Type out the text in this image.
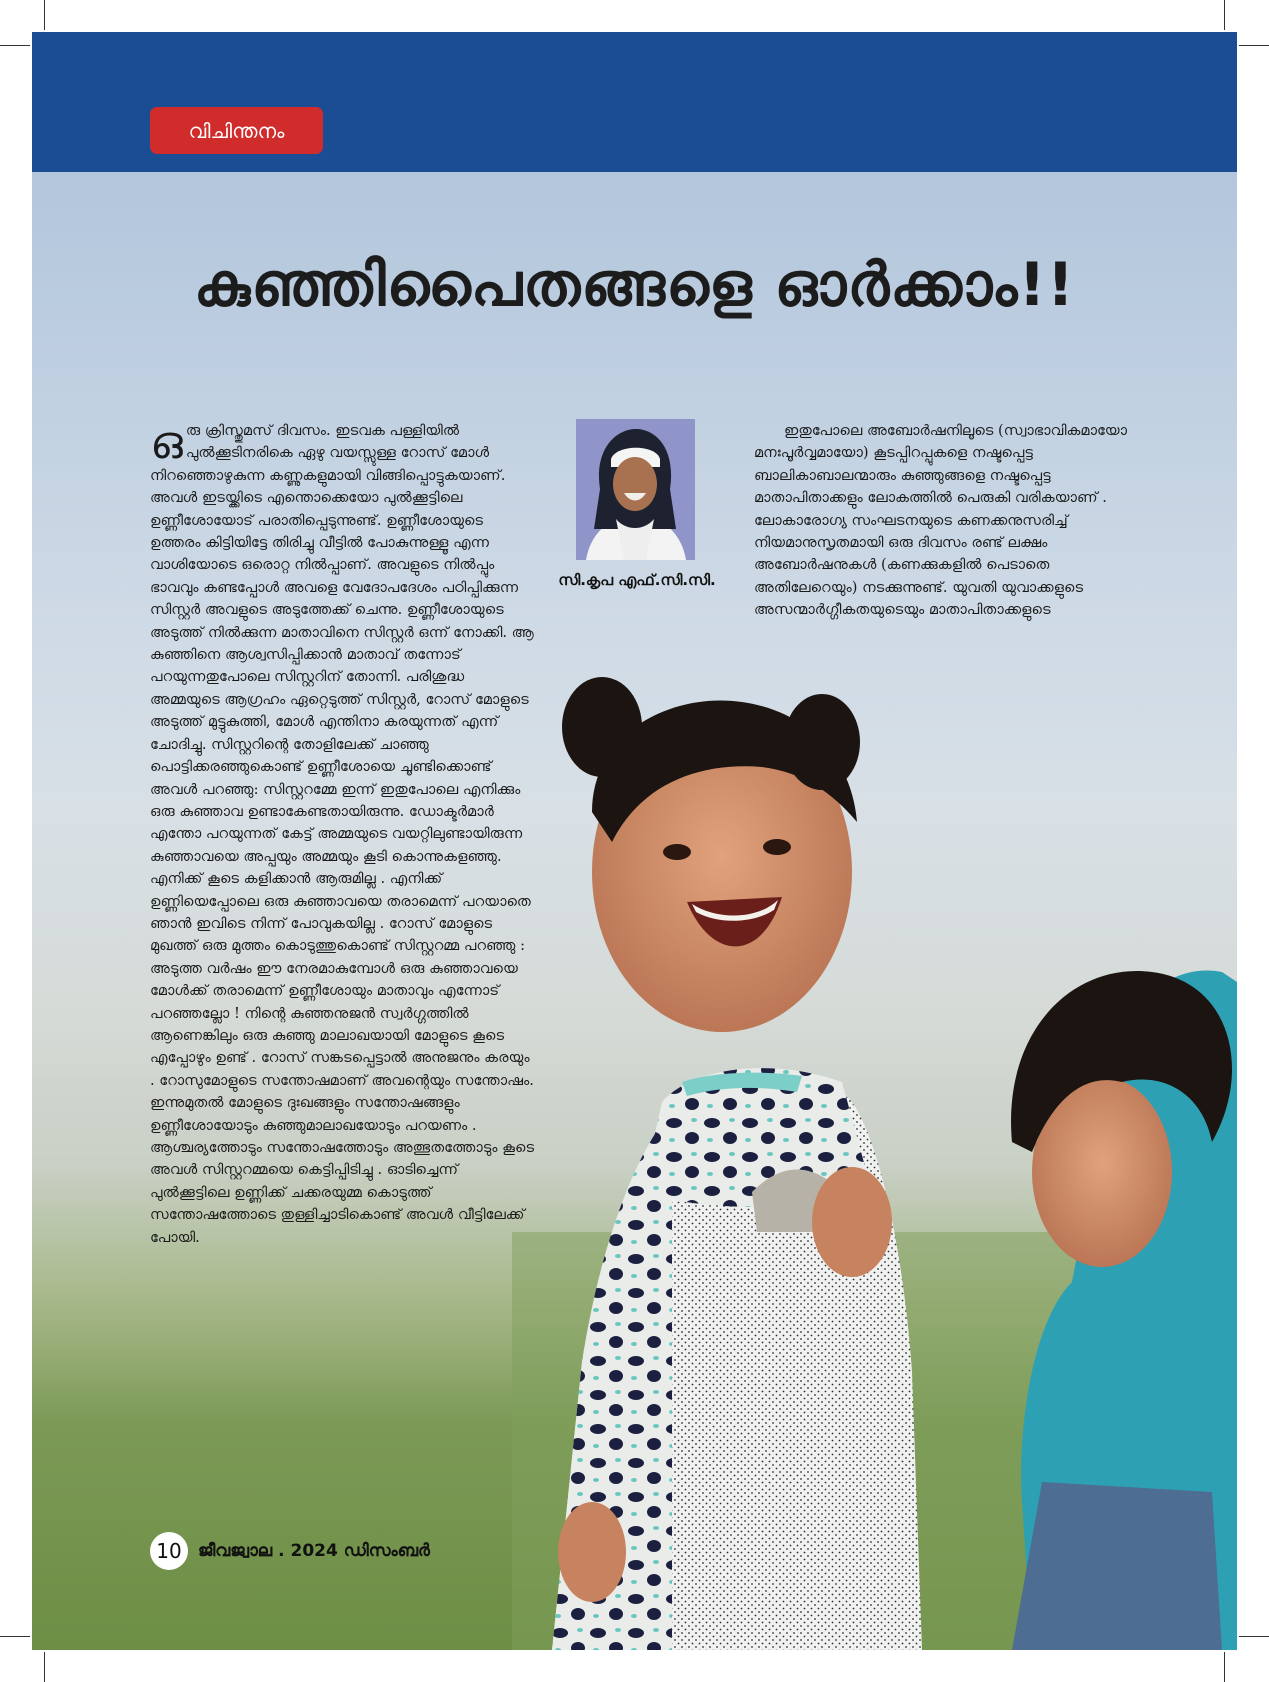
വിചിന്തനം
കുഞ്ഞിപൈതങ്ങളെ ഓർക്കാം!!
ഒരു ക്രിസ്തുമസ് ദിവസം. ഇടവക പള്ളിയിൽ പുൽക്കൂടിനരികെ ഏഴു വയസ്സുള്ള റോസ് മോൾ നിറഞ്ഞൊഴുകുന്ന കണ്ണുകളുമായി വിങ്ങിപ്പൊട്ടുകയാണ്. അവൾ ഇടയ്ക്കിടെ എന്തൊക്കെയോ പുൽക്കൂട്ടിലെ ഉണ്ണീശോയോട് പരാതിപ്പെടുന്നുണ്ട്. ഉണ്ണീശോയുടെ ഉത്തരം കിട്ടിയിട്ടേ തിരിച്ചു വീട്ടിൽ പോകുന്നുള്ളൂ എന്ന വാശിയോടെ ഒരൊറ്റ നിൽപ്പാണ്. അവളുടെ നിൽപ്പും ഭാവവും കണ്ടപ്പോൾ അവളെ വേദോപദേശം പഠിപ്പിക്കുന്ന സിസ്റ്റർ അവളുടെ അടുത്തേക്ക് ചെന്നു. ഉണ്ണീശോയുടെ അടുത്ത് നിൽക്കുന്ന മാതാവിനെ സിസ്റ്റർ ഒന്ന് നോക്കി. ആ കുഞ്ഞിനെ ആശ്വസിപ്പിക്കാൻ മാതാവ് തന്നോട് പറയുന്നതുപോലെ സിസ്റ്ററിന് തോന്നി. പരിശുദ്ധ അമ്മയുടെ ആഗ്രഹം ഏറ്റെടുത്ത് സിസ്റ്റർ, റോസ് മോളുടെ അടുത്ത് മുട്ടുകുത്തി, മോൾ എന്തിനാ കരയുന്നത് എന്ന് ചോദിച്ചു. സിസ്റ്ററിന്റെ തോളിലേക്ക് ചാഞ്ഞു പൊട്ടിക്കരഞ്ഞുകൊണ്ട് ഉണ്ണീശോയെ ചൂണ്ടിക്കൊണ്ട് അവൾ പറഞ്ഞു: സിസ്റ്ററമ്മേ ഇന്ന് ഇതുപോലെ എനിക്കും ഒരു കുഞ്ഞാവ ഉണ്ടാകേണ്ടതായിരുന്നു. ഡോക്ടർമാർ എന്തോ പറയുന്നത് കേട്ട് അമ്മയുടെ വയറ്റിലുണ്ടായിരുന്ന കുഞ്ഞാവയെ അപ്പയും അമ്മയും കൂടി കൊന്നുകളഞ്ഞു. എനിക്ക് കൂടെ കളിക്കാൻ ആരുമില്ല . എനിക്ക് ഉണ്ണിയെപ്പോലെ ഒരു കുഞ്ഞാവയെ തരാമെന്ന് പറയാതെ ഞാൻ ഇവിടെ നിന്ന് പോവുകയില്ല . റോസ് മോളുടെ മുഖത്ത് ഒരു മുത്തം കൊടുത്തുകൊണ്ട് സിസ്റ്ററമ്മ പറഞ്ഞു : അടുത്ത വർഷം ഈ നേരമാകുമ്പോൾ ഒരു കുഞ്ഞാവയെ മോൾക്ക് തരാമെന്ന് ഉണ്ണീശോയും മാതാവും എന്നോട് പറഞ്ഞല്ലോ ! നിന്റെ കുഞ്ഞനുജൻ സ്വർഗ്ഗത്തിൽ ആണെങ്കിലും ഒരു കുഞ്ഞു മാലാഖയായി മോളുടെ കൂടെ എപ്പോഴും ഉണ്ട് . റോസ് സങ്കടപ്പെട്ടാൽ അനുജനും കരയും . റോസുമോളുടെ സന്തോഷമാണ് അവന്റെയും സന്തോഷം. ഇന്നുമുതൽ മോളുടെ ദുഃഖങ്ങളും സന്തോഷങ്ങളും ഉണ്ണീശോയോടും കുഞ്ഞുമാലാഖയോടും പറയണം . ആശ്ചര്യത്തോടും സന്തോഷത്തോടും അത്ഭുതത്തോടും കൂടെ അവൾ സിസ്റ്ററമ്മയെ കെട്ടിപ്പിടിച്ചു . ഓടിച്ചെന്ന് പുൽക്കൂട്ടിലെ ഉണ്ണിക്ക് ചക്കരയുമ്മ കൊടുത്ത് സന്തോഷത്തോടെ തുള്ളിച്ചാടികൊണ്ട് അവൾ വീട്ടിലേക്ക് പോയി.
സി.കൃപ എഫ്.സി.സി.
ഇതുപോലെ അബോർഷനിലൂടെ (സ്വാഭാവികമായോ മനഃപൂർവ്വമായോ) കൂടപ്പിറപ്പുകളെ നഷ്ടപ്പെട്ട ബാലികാബാലന്മാരും കുഞ്ഞുങ്ങളെ നഷ്ടപ്പെട്ട മാതാപിതാക്കളും ലോകത്തിൽ പെരുകി വരികയാണ് . ലോകാരോഗ്യ സംഘടനയുടെ കണക്കനുസരിച്ച് നിയമാനുസൃതമായി ഒരു ദിവസം രണ്ട് ലക്ഷം അബോർഷനുകൾ (കണക്കുകളിൽ പെടാതെ അതിലേറെയും) നടക്കുന്നുണ്ട്. യുവതി യുവാക്കളുടെ അസന്മാർഗ്ഗീകതയുടെയും മാതാപിതാക്കളുടെ
10 ജീവജ്വാല . 2024 ഡിസംബർ
